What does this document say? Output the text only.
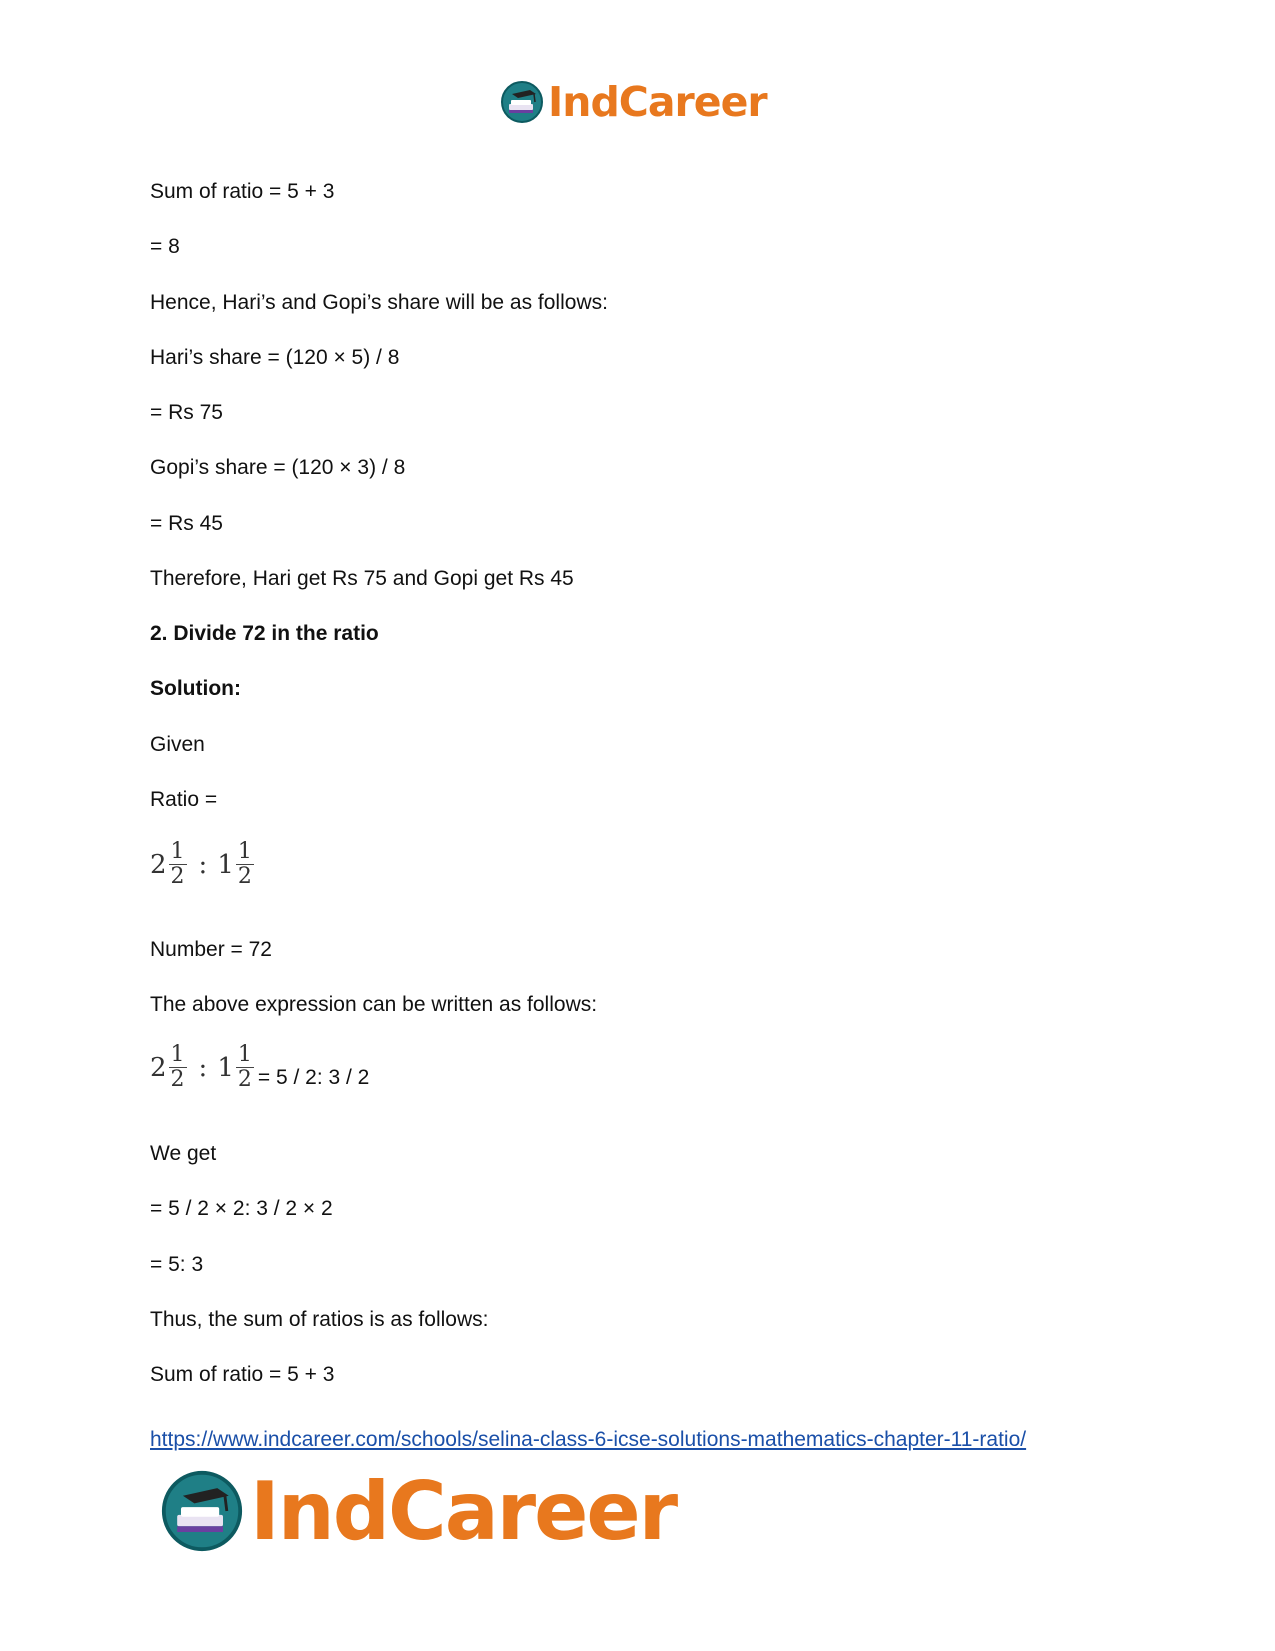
IndCareer
Sum of ratio = 5 + 3
= 8
Hence, Hari’s and Gopi’s share will be as follows:
Hari’s share = (120 × 5) / 8
= Rs 75
Gopi’s share = (120 × 3) / 8
= Rs 45
Therefore, Hari get Rs 75 and Gopi get Rs 45
2. Divide 72 in the ratio
Solution:
Given
Ratio =
$2 \frac{1}{2}$ : $1 \frac{1}{2}$
Number = 72
The above expression can be written as follows:
$2 \frac{1}{2}$ : $1 \frac{1}{2} = 5 / 2$: 3 / 2
We get
= 5 / 2 × 2: 3 / 2 × 2
= 5: 3
Thus, the sum of ratios is as follows:
Sum of ratio = 5 + 3
https://www.indcareer.com/schools/selina-class-6-icse-solutions-mathematics-chapter-11-ratio/
IndCareer
